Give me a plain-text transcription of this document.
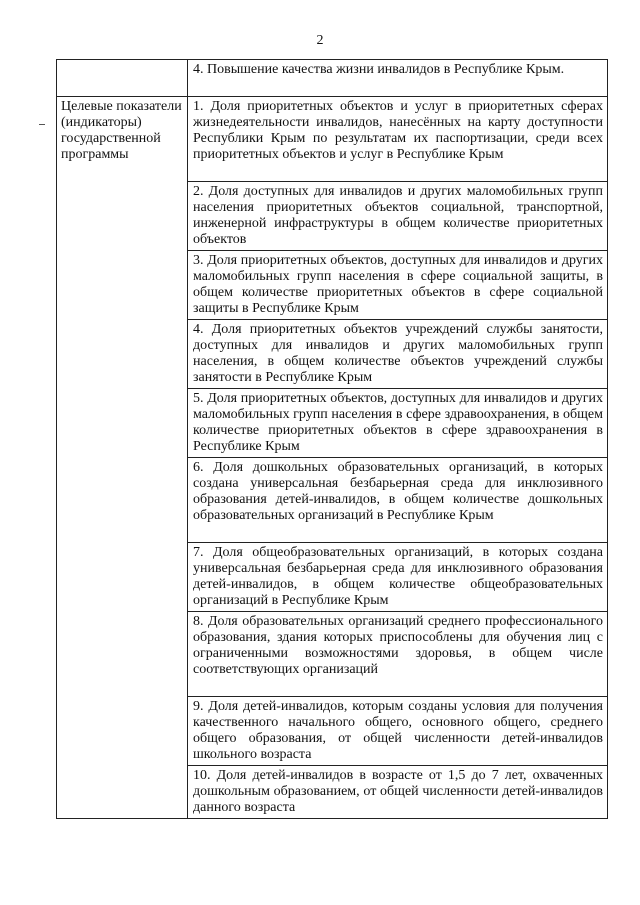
2
	4. Повышение качества жизни инвалидов в Республике Крым.

Целевые показатели (индикаторы) государственной программы	1. Доля приоритетных объектов и услуг в приоритетных сферах жизнедеятельности инвалидов, нанесённых на карту доступности Республики Крым по результатам их паспортизации, среди всех приоритетных объектов и услуг в Республике Крым
	2. Доля доступных для инвалидов и других маломобильных групп населения приоритетных объектов социальной, транспортной, инженерной инфраструктуры в общем количестве приоритетных объектов
	3. Доля приоритетных объектов, доступных для инвалидов и других маломобильных групп населения в сфере социальной защиты, в общем количестве приоритетных объектов в сфере социальной защиты в Республике Крым
	4. Доля приоритетных объектов учреждений службы занятости, доступных для инвалидов и других маломобильных групп населения, в общем количестве объектов учреждений службы занятости в Республике Крым
	5. Доля приоритетных объектов, доступных для инвалидов и других маломобильных групп населения в сфере здравоохранения, в общем количестве приоритетных объектов в сфере здравоохранения в Республике Крым
	6. Доля дошкольных образовательных организаций, в которых создана универсальная безбарьерная среда для инклюзивного образования детей-инвалидов, в общем количестве дошкольных образовательных организаций в Республике Крым
	7. Доля общеобразовательных организаций, в которых создана универсальная безбарьерная среда для инклюзивного образования детей-инвалидов, в общем количестве общеобразовательных организаций в Республике Крым
	8. Доля образовательных организаций среднего профессионального образования, здания которых приспособлены для обучения лиц с ограниченными возможностями здоровья, в общем числе соответствующих организаций
	9. Доля детей-инвалидов, которым созданы условия для получения качественного начального общего, основного общего, среднего общего образования, от общей численности детей-инвалидов школьного возраста
	10. Доля детей-инвалидов в возрасте от 1,5 до 7 лет, охваченных дошкольным образованием, от общей численности детей-инвалидов данного возраста
